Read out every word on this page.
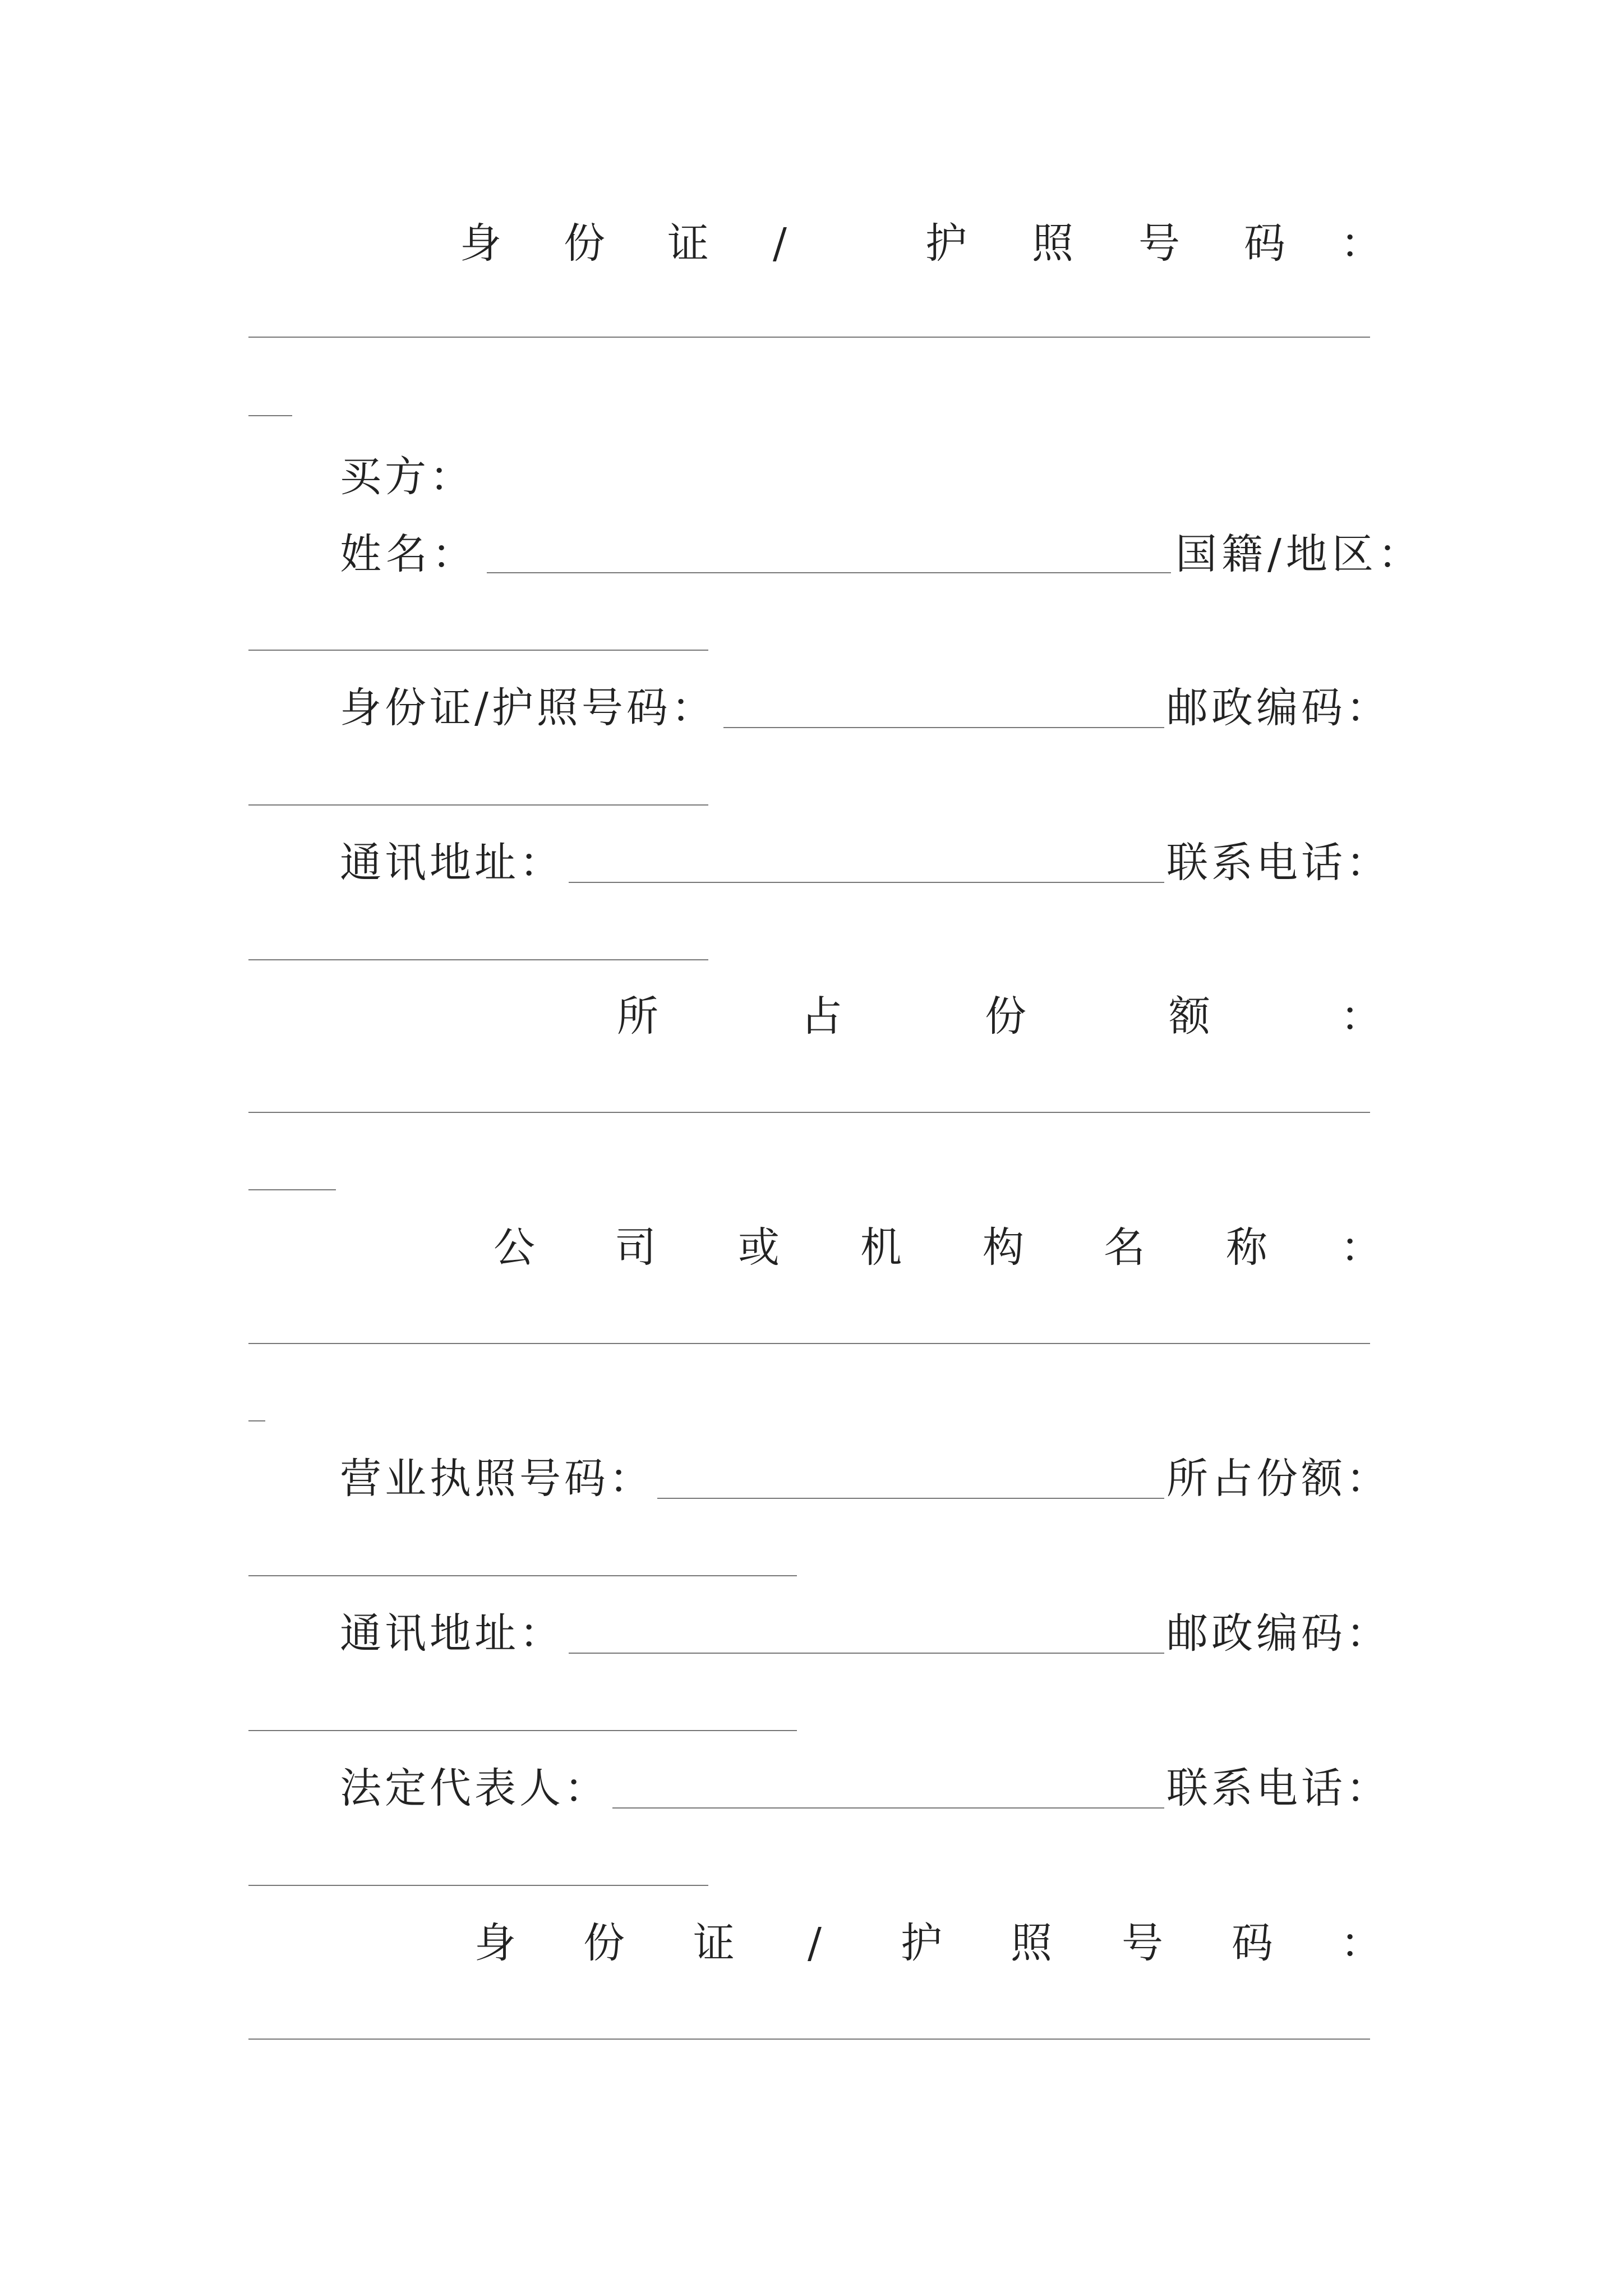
身 份 证 /	护 照 号 码 ：
买方：
姓名：	国籍/地区：
身份证/护照号码：	邮政编码：
通讯地址：	联系电话：
所	占	份	额	：
公 司 或 机 构 名 称 ：
营业执照号码：	所占份额：
通讯地址：	邮政编码：
法定代表人：	联系电话：
身 份 证 / 护 照 号 码 ：
